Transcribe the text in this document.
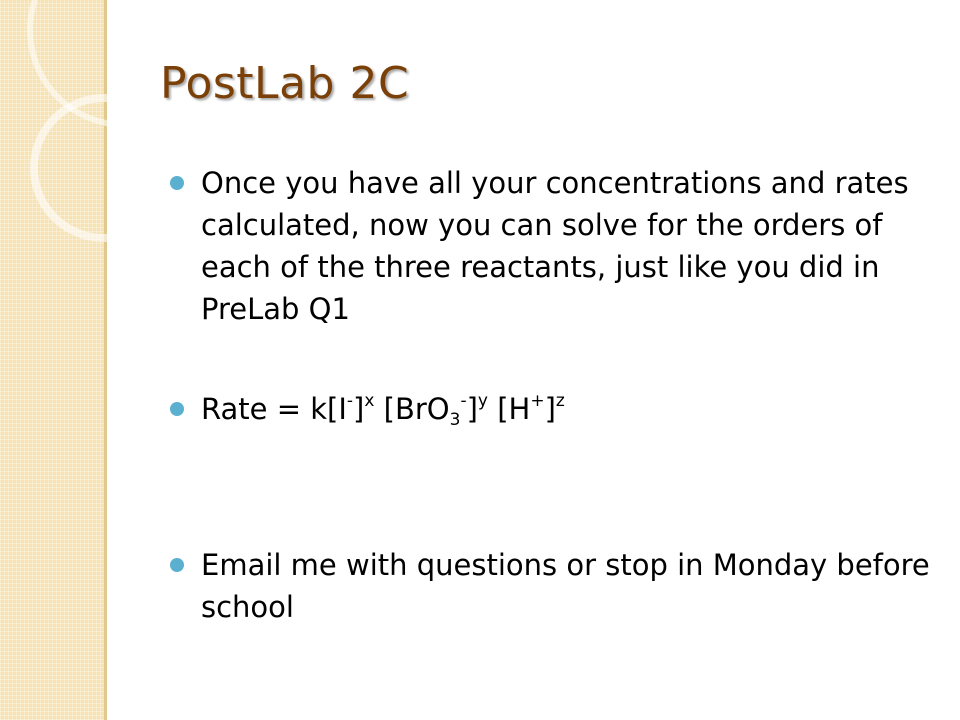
PostLab 2C
Once you have all your concentrations and rates calculated, now you can solve for the orders of each of the three reactants, just like you did in PreLab Q1
Rate = $k[I^-]^x$ $[BrO_3^-]^y$ $[H^+]^z$
Email me with questions or stop in Monday before school
